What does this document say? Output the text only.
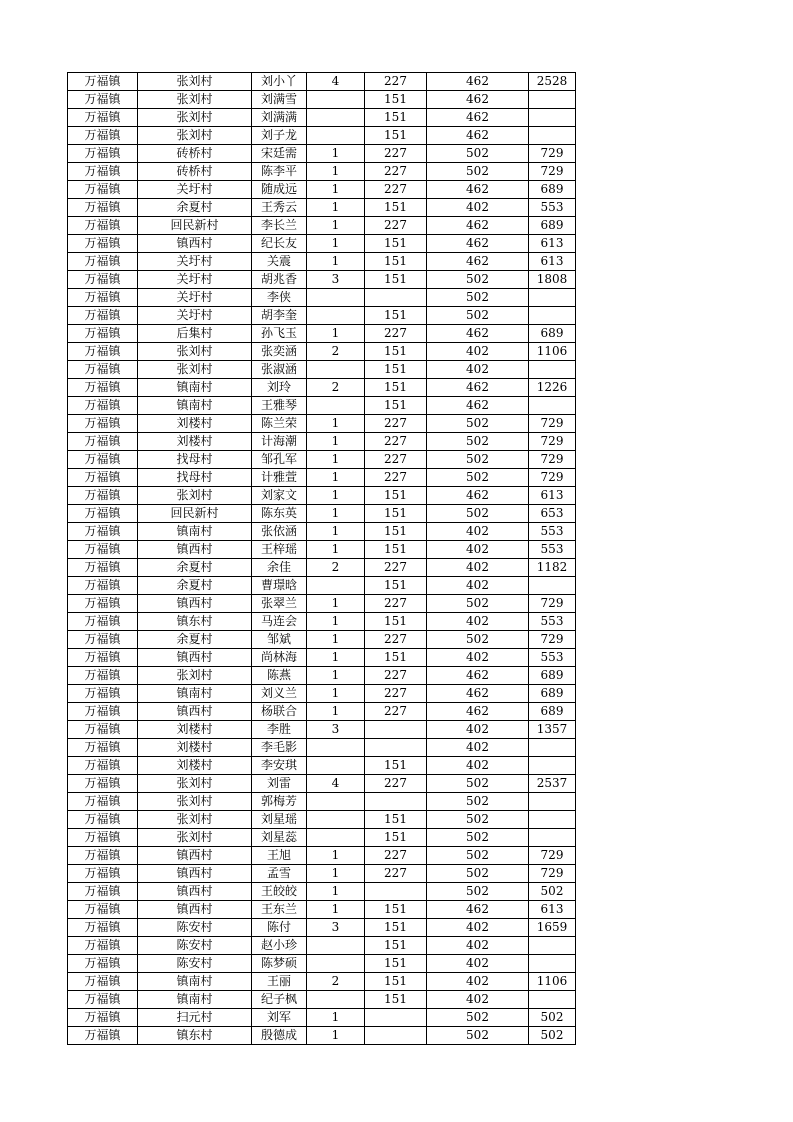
万福镇	张刘村	刘小丫	4	227	462	2528
万福镇	张刘村	刘满雪		151	462	
万福镇	张刘村	刘满满		151	462	
万福镇	张刘村	刘子龙		151	462	
万福镇	砖桥村	宋廷需	1	227	502	729
万福镇	砖桥村	陈李平	1	227	502	729
万福镇	关圩村	随成远	1	227	462	689
万福镇	余夏村	王秀云	1	151	402	553
万福镇	回民新村	李长兰	1	227	462	689
万福镇	镇西村	纪长友	1	151	462	613
万福镇	关圩村	关震	1	151	462	613
万福镇	关圩村	胡兆香	3	151	502	1808
万福镇	关圩村	李侠			502	
万福镇	关圩村	胡李奎		151	502	
万福镇	后集村	孙飞玉	1	227	462	689
万福镇	张刘村	张奕涵	2	151	402	1106
万福镇	张刘村	张淑涵		151	402	
万福镇	镇南村	刘玲	2	151	462	1226
万福镇	镇南村	王雅琴		151	462	
万福镇	刘楼村	陈兰荣	1	227	502	729
万福镇	刘楼村	计海潮	1	227	502	729
万福镇	找母村	邹孔军	1	227	502	729
万福镇	找母村	计雅萱	1	227	502	729
万福镇	张刘村	刘家文	1	151	462	613
万福镇	回民新村	陈东英	1	151	502	653
万福镇	镇南村	张依涵	1	151	402	553
万福镇	镇西村	王梓瑶	1	151	402	553
万福镇	余夏村	余佳	2	227	402	1182
万福镇	余夏村	曹璟晗		151	402	
万福镇	镇西村	张翠兰	1	227	502	729
万福镇	镇东村	马连会	1	151	402	553
万福镇	余夏村	邹斌	1	227	502	729
万福镇	镇西村	尚林海	1	151	402	553
万福镇	张刘村	陈燕	1	227	462	689
万福镇	镇南村	刘义兰	1	227	462	689
万福镇	镇西村	杨联合	1	227	462	689
万福镇	刘楼村	李胜	3		402	1357
万福镇	刘楼村	李毛影			402	
万福镇	刘楼村	李安琪		151	402	
万福镇	张刘村	刘雷	4	227	502	2537
万福镇	张刘村	郭梅芳			502	
万福镇	张刘村	刘星瑶		151	502	
万福镇	张刘村	刘星蕊		151	502	
万福镇	镇西村	王旭	1	227	502	729
万福镇	镇西村	孟雪	1	227	502	729
万福镇	镇西村	王皎皎	1		502	502
万福镇	镇西村	王东兰	1	151	462	613
万福镇	陈安村	陈付	3	151	402	1659
万福镇	陈安村	赵小珍		151	402	
万福镇	陈安村	陈梦硕		151	402	
万福镇	镇南村	王丽	2	151	402	1106
万福镇	镇南村	纪子枫		151	402	
万福镇	扫元村	刘军	1		502	502
万福镇	镇东村	殷德成	1		502	502
